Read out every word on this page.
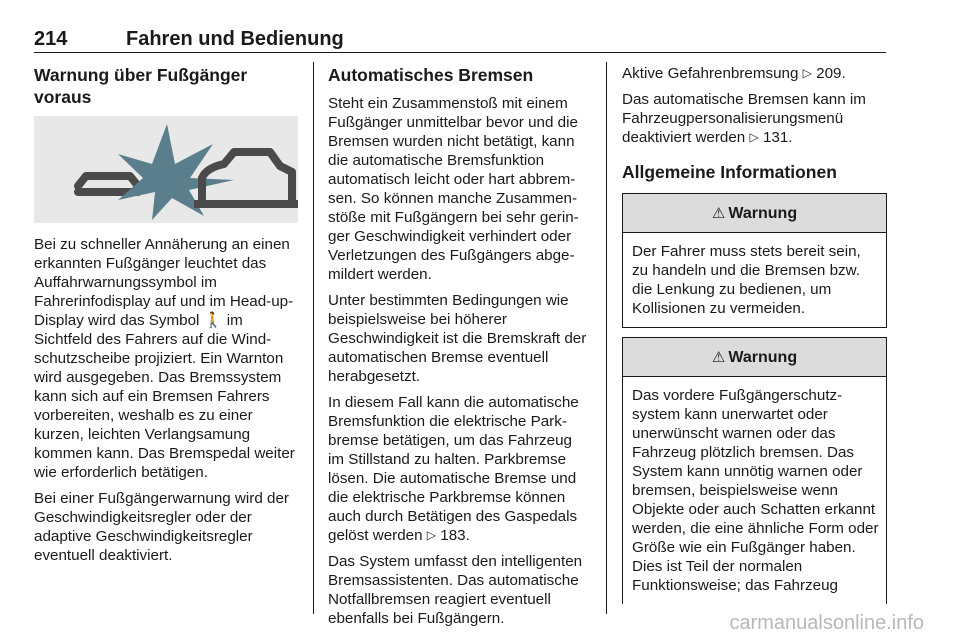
214	Fahren und Bedienung
Warnung über Fußgänger voraus

Bei zu schneller Annäherung an einen erkannten Fußgänger leuchtet das Auffahrwarnungssymbol im Fahrerinfodisplay auf und im Head-up-Display wird das Symbol 🚶 im Sichtfeld des Fahrers auf die Windschutzscheibe projiziert. Ein Warnton wird ausgegeben. Das Bremssystem kann sich auf ein Bremsen Fahrers vorbereiten, weshalb es zu einer kurzen, leichten Verlangsamung kommen kann. Das Bremspedal weiter wie erforderlich betätigen.

Bei einer Fußgängerwarnung wird der Geschwindigkeitsregler oder der adaptive Geschwindigkeitsregler eventuell deaktiviert.

Automatisches Bremsen

Steht ein Zusammenstoß mit einem Fußgänger unmittelbar bevor und die Bremsen wurden nicht betätigt, kann die automatische Bremsfunktion automatisch leicht oder hart abbremsen. So können manche Zusammenstöße mit Fußgängern bei sehr geringer Geschwindigkeit verhindert oder Verletzungen des Fußgängers abgemildert werden.

Unter bestimmten Bedingungen wie beispielsweise bei höherer Geschwindigkeit ist die Bremskraft der automatischen Bremse eventuell herabgesetzt.

In diesem Fall kann die automatische Bremsfunktion die elektrische Parkbremse betätigen, um das Fahrzeug im Stillstand zu halten. Parkbremse lösen. Die automatische Bremse und die elektrische Parkbremse können auch durch Betätigen des Gaspedals gelöst werden ▷ 183.

Das System umfasst den intelligenten Bremsassistenten. Das automatische Notfallbremsen reagiert eventuell ebenfalls bei Fußgängern.

Aktive Gefahrenbremsung ▷ 209.

Das automatische Bremsen kann im Fahrzeugpersonalisierungsmenü deaktiviert werden ▷ 131.

Allgemeine Informationen
⚠ Warnung

Der Fahrer muss stets bereit sein, zu handeln und die Bremsen bzw. die Lenkung zu bedienen, um Kollisionen zu vermeiden.

⚠ Warnung

Das vordere Fußgängerschutzsystem kann unerwartet oder unerwünscht warnen oder das Fahrzeug plötzlich bremsen. Das System kann unnötig warnen oder bremsen, beispielsweise wenn Objekte oder auch Schatten erkannt werden, die eine ähnliche Form oder Größe wie ein Fußgänger haben. Dies ist Teil der normalen Funktionsweise; das Fahrzeug

carmanualsonline.info
